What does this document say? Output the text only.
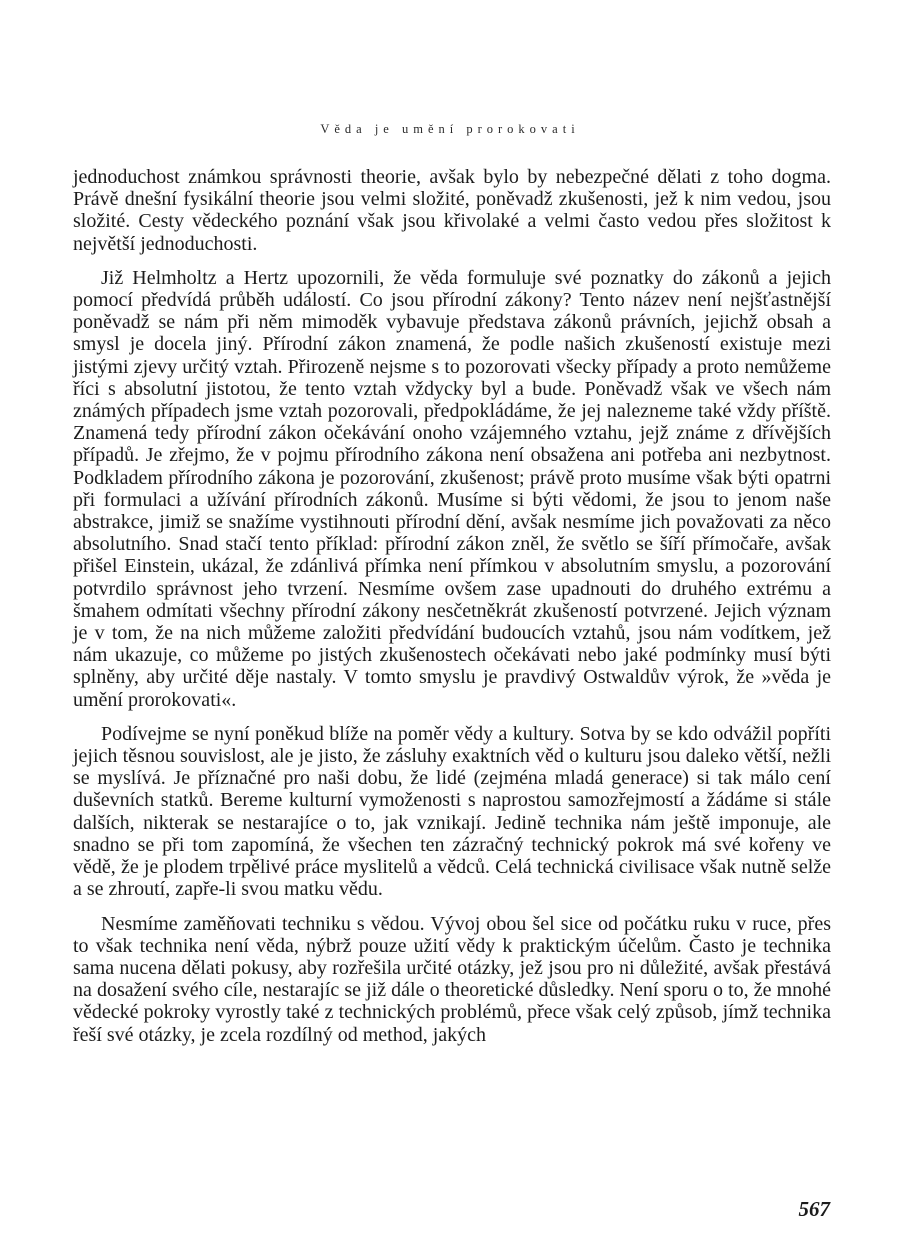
Věda je umění prorokovati

jednoduchost známkou správnosti theorie, avšak bylo by nebezpečné dělati z toho dogma. Právě dnešní fysikální theorie jsou velmi složité, poněvadž zkušenosti, jež k nim vedou, jsou složité. Cesty vědeckého poznání však jsou křivolaké a velmi často vedou přes složitost k největší jednoduchosti.

Již Helmholtz a Hertz upozornili, že věda formuluje své poznatky do zákonů a jejich pomocí předvídá průběh událostí. Co jsou přírodní zákony? Tento název není nejšťastnější poněvadž se nám při něm mimoděk vybavuje představa zákonů právních, jejichž obsah a smysl je docela jiný. Přírodní zákon znamená, že podle našich zkušeností existuje mezi jistými zjevy určitý vztah. Přirozeně nejsme s to pozorovati všecky případy a proto nemůžeme říci s absolutní jistotou, že tento vztah vždycky byl a bude. Poněvadž však ve všech nám známých případech jsme vztah pozorovali, předpokládáme, že jej nalezneme také vždy příště. Znamená tedy přírodní zákon očekávání onoho vzájemného vztahu, jejž známe z dřívějších případů. Je zřejmo, že v pojmu přírodního zákona není obsažena ani potřeba ani nezbytnost. Podkladem přírodního zákona je pozorování, zkušenost; právě proto musíme však býti opatrni při formulaci a užívání přírodních zákonů. Musíme si býti vědomi, že jsou to jenom naše abstrakce, jimiž se snažíme vystihnouti přírodní dění, avšak nesmíme jich považovati za něco absolutního. Snad stačí tento příklad: přírodní zákon zněl, že světlo se šíří přímočaře, avšak přišel Einstein, ukázal, že zdánlivá přímka není přímkou v absolutním smyslu, a pozorování potvrdilo správnost jeho tvrzení. Nesmíme ovšem zase upadnouti do druhého extrému a šmahem odmítati všechny přírodní zákony nesčetněkrát zkušeností potvrzené. Jejich význam je v tom, že na nich můžeme založiti předvídání budoucích vztahů, jsou nám vodítkem, jež nám ukazuje, co můžeme po jistých zkušenostech očekávati nebo jaké podmínky musí býti splněny, aby určité děje nastaly. V tomto smyslu je pravdivý Ostwaldův výrok, že »věda je umění prorokovati«.

Podívejme se nyní poněkud blíže na poměr vědy a kultury. Sotva by se kdo odvážil popříti jejich těsnou souvislost, ale je jisto, že zásluhy exaktních věd o kulturu jsou daleko větší, nežli se myslívá. Je příznačné pro naši dobu, že lidé (zejména mladá generace) si tak málo cení duševních statků. Bereme kulturní vymoženosti s naprostou samozřejmostí a žádáme si stále dalších, nikterak se nestarajíce o to, jak vznikají. Jedině technika nám ještě imponuje, ale snadno se při tom zapomíná, že všechen ten zázračný technický pokrok má své kořeny ve vědě, že je plodem trpělivé práce myslitelů a vědců. Celá technická civilisace však nutně selže a se zhroutí, zapře-li svou matku vědu.

Nesmíme zaměňovati techniku s vědou. Vývoj obou šel sice od počátku ruku v ruce, přes to však technika není věda, nýbrž pouze užití vědy k praktickým účelům. Často je technika sama nucena dělati pokusy, aby rozřešila určité otázky, jež jsou pro ni důležité, avšak přestává na dosažení svého cíle, nestarajíc se již dále o theoretické důsledky. Není sporu o to, že mnohé vědecké pokroky vyrostly také z technických problémů, přece však celý způsob, jímž technika řeší své otázky, je zcela rozdílný od method, jakých

567
